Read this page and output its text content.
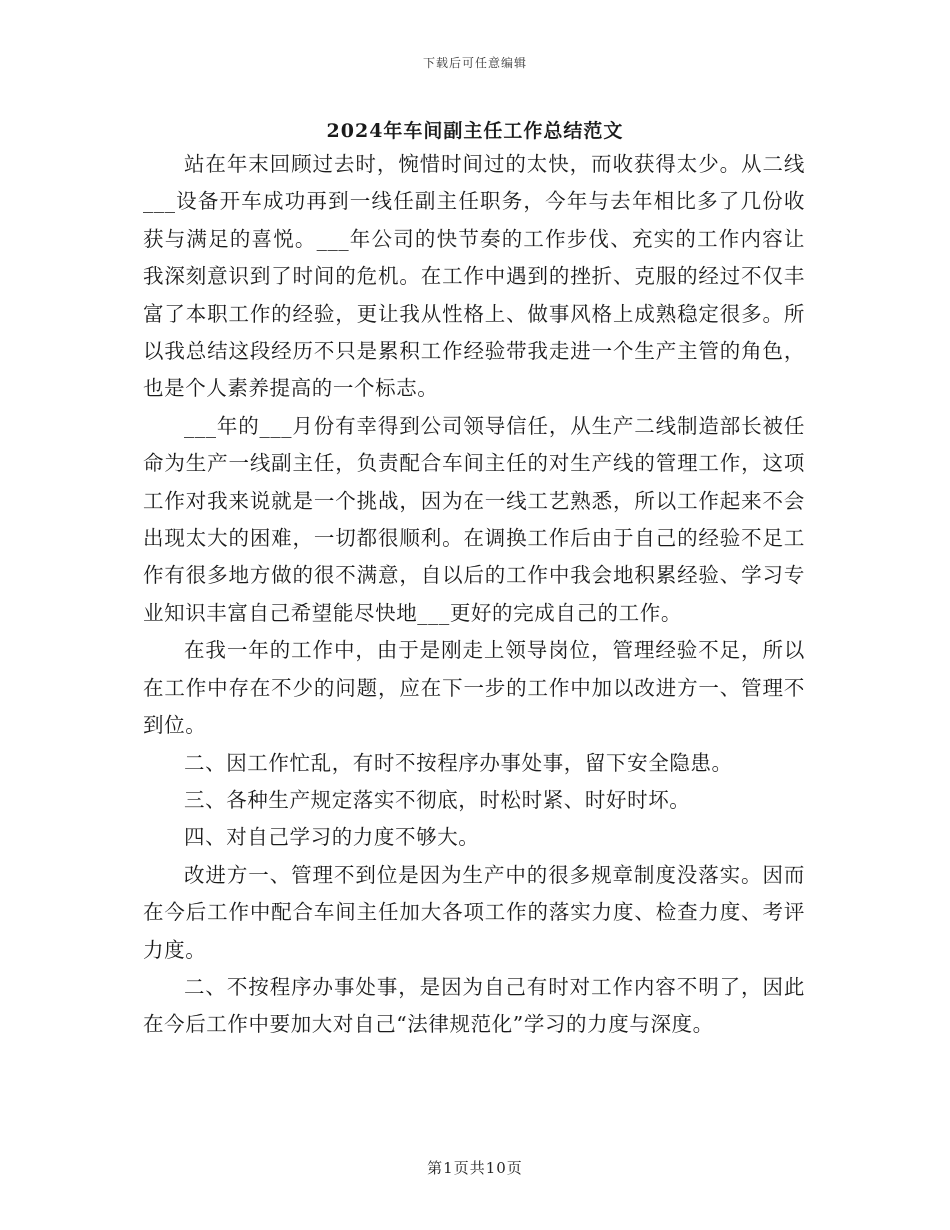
下载后可任意编辑
2024年车间副主任工作总结范文

站在年末回顾过去时，惋惜时间过的太快，而收获得太少。从二线___设备开车成功再到一线任副主任职务，今年与去年相比多了几份收获与满足的喜悦。___年公司的快节奏的工作步伐、充实的工作内容让我深刻意识到了时间的危机。在工作中遇到的挫折、克服的经过不仅丰富了本职工作的经验，更让我从性格上、做事风格上成熟稳定很多。所以我总结这段经历不只是累积工作经验带我走进一个生产主管的角色，也是个人素养提高的一个标志。

___年的___月份有幸得到公司领导信任，从生产二线制造部长被任命为生产一线副主任，负责配合车间主任的对生产线的管理工作，这项工作对我来说就是一个挑战，因为在一线工艺熟悉，所以工作起来不会出现太大的困难，一切都很顺利。在调换工作后由于自己的经验不足工作有很多地方做的很不满意，自以后的工作中我会地积累经验、学习专业知识丰富自己希望能尽快地___更好的完成自己的工作。

在我一年的工作中，由于是刚走上领导岗位，管理经验不足，所以在工作中存在不少的问题，应在下一步的工作中加以改进方一、管理不到位。

二、因工作忙乱，有时不按程序办事处事，留下安全隐患。

三、各种生产规定落实不彻底，时松时紧、时好时坏。

四、对自己学习的力度不够大。

改进方一、管理不到位是因为生产中的很多规章制度没落实。因而在今后工作中配合车间主任加大各项工作的落实力度、检查力度、考评力度。

二、不按程序办事处事，是因为自己有时对工作内容不明了，因此在今后工作中要加大对自己“法律规范化”学习的力度与深度。

第1页共10页
